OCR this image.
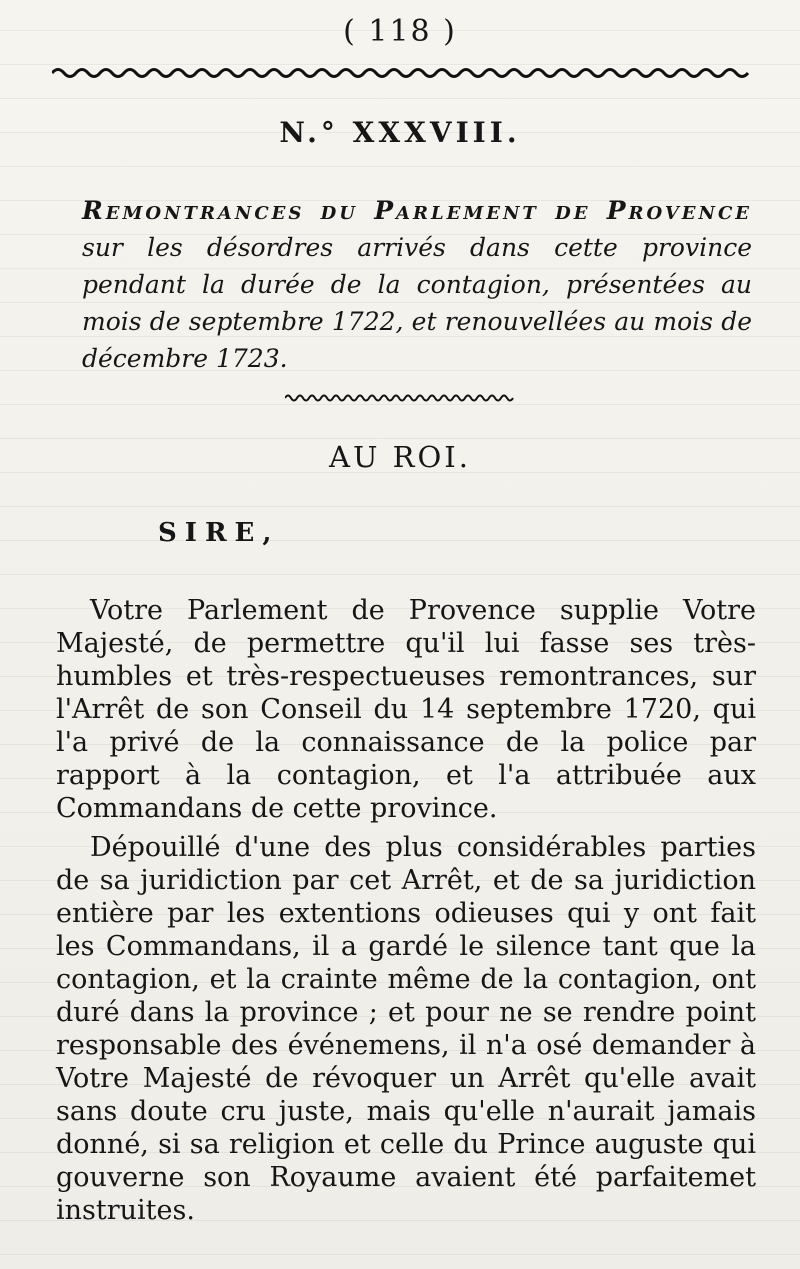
( 118 )
N.° XXXVIII.
Remontrances du Parlement de Provence sur les désordres arrivés dans cette province pendant la durée de la contagion, présentées au mois de septembre 1722, et renouvellées au mois de décembre 1723.
AU ROI.
SIRE,

Votre Parlement de Provence supplie Votre Majesté, de permettre qu'il lui fasse ses très-humbles et très-respectueuses remontrances, sur l'Arrêt de son Conseil du 14 septembre 1720, qui l'a privé de la connaissance de la police par rapport à la contagion, et l'a attribuée aux Commandans de cette province.

Dépouillé d'une des plus considérables parties de sa juridiction par cet Arrêt, et de sa juridiction entière par les extentions odieuses qui y ont fait les Commandans, il a gardé le silence tant que la contagion, et la crainte même de la contagion, ont duré dans la province ; et pour ne se rendre point responsable des événemens, il n'a osé demander à Votre Majesté de révoquer un Arrêt qu'elle avait sans doute cru juste, mais qu'elle n'aurait jamais donné, si sa religion et celle du Prince auguste qui gouverne son Royaume avaient été parfaitemet instruites.
